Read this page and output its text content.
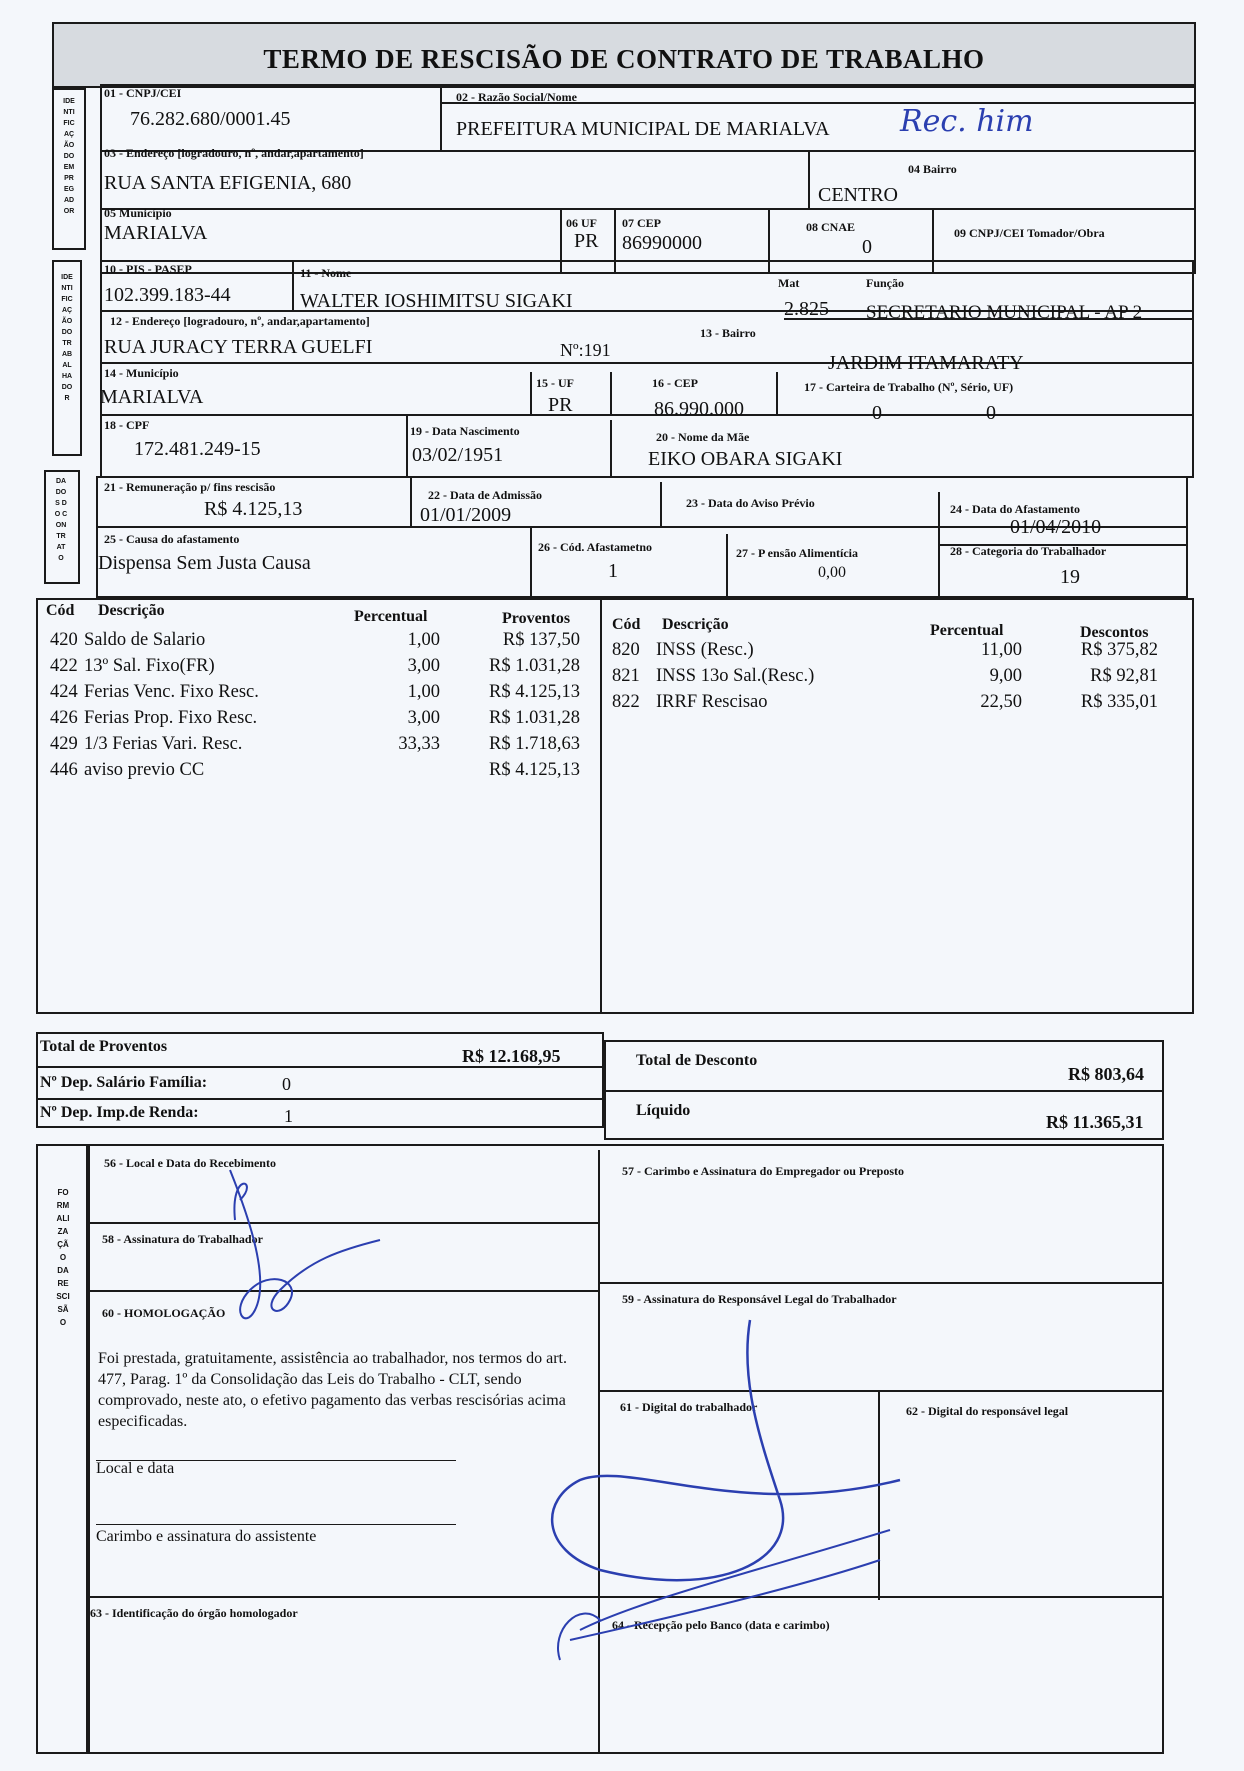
TERMO DE RESCISÃO DE CONTRATO DE TRABALHO
IDENTIFICAÇÃO DO EMPREGADOR
01 - CNPJ/CEI
76.282.680/0001.45
02 - Razão Social/Nome
PREFEITURA MUNICIPAL DE MARIALVA
03 - Endereço [logradouro, nº, andar,apartamento]
RUA SANTA EFIGENIA, 680
04 Bairro
CENTRO
05 Município
MARIALVA	06 UF
PR
07 CEP
86990000
08 CNAE
0
09 CNPJ/CEI Tomador/Obra
Rec. him
IDENTIFICAÇÃO DO TRABALHADOR
10 - PIS - PASEP
102.399.183-44
11 - Nome
WALTER IOSHIMITSU SIGAKI
Mat
2.825
Função
SECRETARIO MUNICIPAL - AP 2
12 - Endereço [logradouro, nº, andar,apartamento]
RUA JURACY TERRA GUELFI	Nº:191
13 - Bairro
JARDIM ITAMARATY
14 - Município
MARIALVA
15 - UF
PR
16 - CEP
86.990.000
17 - Carteira de Trabalho (Nº, Sério, UF)
0	0
18 - CPF
172.481.249-15
19 - Data Nascimento
03/02/1951
20 - Nome da Mãe
EIKO OBARA SIGAKI
DADOS DO CONTRATO
21 - Remuneração p/ fins rescisão
R$ 4.125,13
22 - Data de Admissão
01/01/2009
23 - Data do Aviso Prévio	24 - Data do Afastamento
01/04/2010
25 - Causa do afastamento
Dispensa Sem Justa Causa
26 - Cód. Afastametno
1
27 - P ensão Alimentícia
0,00
28 - Categoria do Trabalhador
19
Cód Descrição	Percentual	Proventos	Cód Descrição	Percentual	Descontos
420 Saldo de Salario	1,00	R$ 137,50
422 13º Sal. Fixo(FR)	3,00	R$ 1.031,28
424 Ferias Venc. Fixo Resc.	1,00	R$ 4.125,13
426 Ferias Prop. Fixo Resc.	3,00	R$ 1.031,28
429 1/3 Ferias Vari. Resc.	33,33	R$ 1.718,63
446 aviso previo CC	R$ 4.125,13
820 INSS (Resc.)	11,00	R$ 375,82
821 INSS 13o Sal.(Resc.)	9,00	R$ 92,81
822 IRRF Rescisao	22,50	R$ 335,01
Total de Proventos	R$ 12.168,95
Nº Dep. Salário Família:	0
Nº Dep. Imp.de Renda:	1
Total de Desconto
R$ 803,64
Líquido
R$ 11.365,31
FORMALIZAÇÃO DA RESCISÃO
56 - Local e Data do Recebimento
57 - Carimbo e Assinatura do Empregador ou Preposto
58 - Assinatura do Trabalhador
59 - Assinatura do Responsável Legal do Trabalhador
60 - HOMOLOGAÇÃO
Foi prestada, gratuitamente, assistência ao trabalhador, nos termos do art. 477, Parag. 1º da Consolidação das Leis do Trabalho - CLT, sendo comprovado, neste ato, o efetivo pagamento das verbas rescisórias acima especificadas.
Local e data
Carimbo e assinatura do assistente
61 - Digital do trabalhador	62 - Digital do responsável legal
63 - Identificação do órgão homologador
64 - Recepção pelo Banco (data e carimbo)
